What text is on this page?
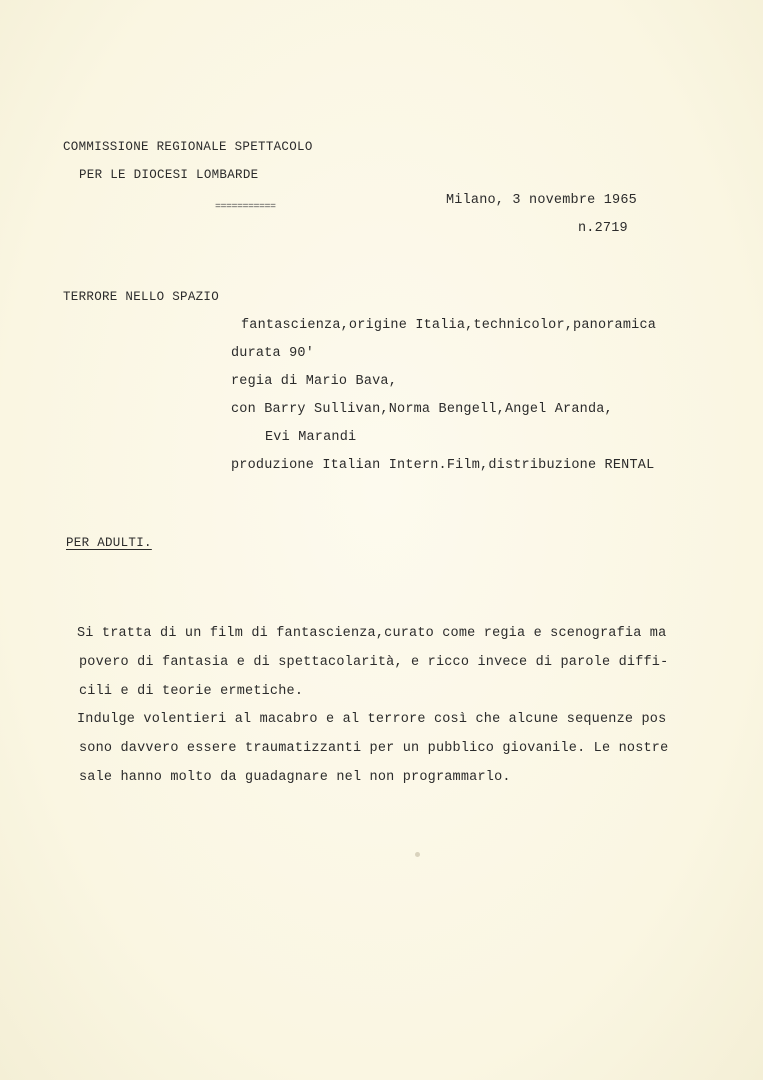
COMMISSIONE REGIONALE SPETTACOLO
PER LE DIOCESI LOMBARDE
===========	Milano, 3 novembre 1965
n.2719
TERRORE NELLO SPAZIO
fantascienza,origine Italia,technicolor,panoramica
durata 90'
regia di Mario Bava,
con Barry Sullivan,Norma Bengell,Angel Aranda,
Evi Marandi
produzione Italian Intern.Film,distribuzione RENTAL
PER ADULTI.
Si tratta di un film di fantascienza,curato come regia e scenografia ma
povero di fantasia e di spettacolarità, e ricco invece di parole diffi-
cili e di teorie ermetiche.
Indulge volentieri al macabro e al terrore così che alcune sequenze pos
sono davvero essere traumatizzanti per un pubblico giovanile. Le nostre
sale hanno molto da guadagnare nel non programmarlo.
